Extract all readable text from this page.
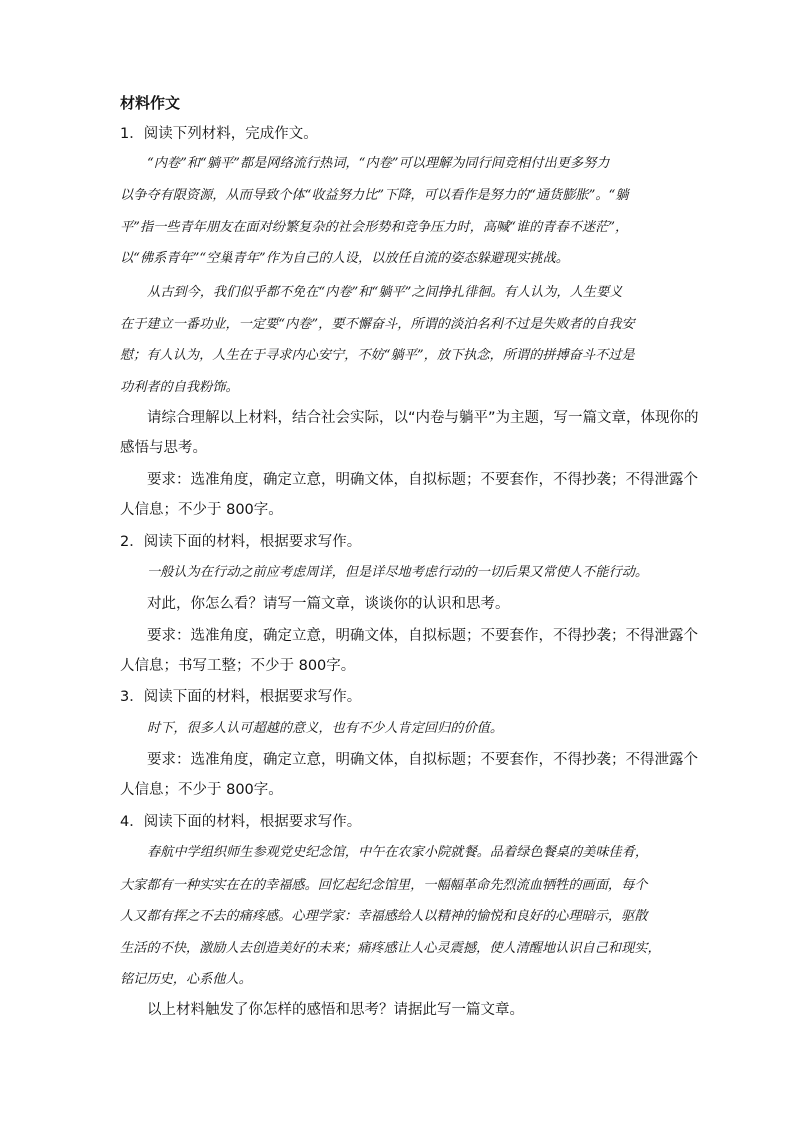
材料作文
1．阅读下列材料，完成作文。
“内卷”和“躺平”都是网络流行热词，“内卷”可以理解为同行间竞相付出更多努力
以争夺有限资源，从而导致个体“收益努力比”下降，可以看作是努力的“通货膨胀”。“躺
平”指一些青年朋友在面对纷繁复杂的社会形势和竞争压力时，高喊“谁的青春不迷茫”，
以“佛系青年”“空巢青年”作为自己的人设，以放任自流的姿态躲避现实挑战。
从古到今，我们似乎都不免在“内卷”和“躺平”之间挣扎徘徊。有人认为，人生要义
在于建立一番功业，一定要“内卷”，要不懈奋斗，所谓的淡泊名利不过是失败者的自我安
慰；有人认为，人生在于寻求内心安宁，不妨“躺平”，放下执念，所谓的拼搏奋斗不过是
功利者的自我粉饰。
请综合理解以上材料，结合社会实际，以“内卷与躺平”为主题，写一篇文章，体现你的
感悟与思考。
要求：选准角度，确定立意，明确文体，自拟标题；不要套作，不得抄袭；不得泄露个
人信息；不少于 800字。
2．阅读下面的材料，根据要求写作。
一般认为在行动之前应考虑周详，但是详尽地考虑行动的一切后果又常使人不能行动。
对此，你怎么看？请写一篇文章，谈谈你的认识和思考。
要求：选准角度，确定立意，明确文体，自拟标题；不要套作，不得抄袭；不得泄露个
人信息；书写工整；不少于 800字。
3．阅读下面的材料，根据要求写作。
时下，很多人认可超越的意义，也有不少人肯定回归的价值。
要求：选准角度，确定立意，明确文体，自拟标题；不要套作，不得抄袭；不得泄露个
人信息；不少于 800字。
4．阅读下面的材料，根据要求写作。
春航中学组织师生参观党史纪念馆，中午在农家小院就餐。品着绿色餐桌的美味佳肴，
大家都有一种实实在在的幸福感。回忆起纪念馆里，一幅幅革命先烈流血牺牲的画面，每个
人又都有挥之不去的痛疼感。心理学家：幸福感给人以精神的愉悦和良好的心理暗示，驱散
生活的不快，激励人去创造美好的未来；痛疼感让人心灵震撼，使人清醒地认识自己和现实，
铭记历史，心系他人。
以上材料触发了你怎样的感悟和思考？请据此写一篇文章。
